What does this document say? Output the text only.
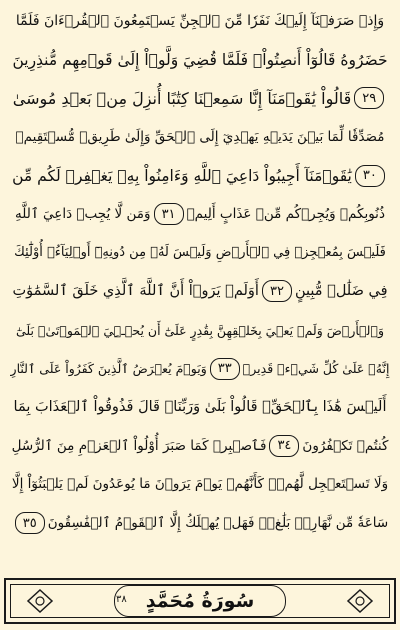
وَإِذۡ صَرَفۡنَآ إِلَيۡكَ نَفَرٗا مِّنَ ٱلۡجِنِّ يَسۡتَمِعُونَ ٱلۡقُرۡءَانَ فَلَمَّا
حَضَرُوهُ قَالُوٓاْ أَنصِتُواْۖ فَلَمَّا قُضِيَ وَلَّوۡاْ إِلَىٰ قَوۡمِهِم مُّنذِرِينَ
٢٩
قَالُواْ يَٰقَوۡمَنَآ إِنَّا سَمِعۡنَا كِتَٰبًا أُنزِلَ مِنۢ بَعۡدِ مُوسَىٰ
مُصَدِّقٗا لِّمَا بَيۡنَ يَدَيۡهِ يَهۡدِيٓ إِلَى ٱلۡحَقِّ وَإِلَىٰ طَرِيقٖ مُّسۡتَقِيمٖ
٣٠
يَٰقَوۡمَنَآ أَجِيبُواْ دَاعِيَ ٱللَّهِ وَءَامِنُواْ بِهِۦ يَغۡفِرۡ لَكُم مِّن
ذُنُوبِكُمۡ وَيُجِرۡكُم مِّنۡ عَذَابٍ أَلِيمٖ
٣١
وَمَن لَّا يُجِبۡ دَاعِيَ ٱللَّهِ
فَلَيۡسَ بِمُعۡجِزٖ فِي ٱلۡأَرۡضِ وَلَيۡسَ لَهُۥ مِن دُونِهِۦٓ أَوۡلِيَآءُۚ أُوْلَٰٓئِكَ
فِي ضَلَٰلٖ مُّبِينٍ
٣٢
أَوَلَمۡ يَرَوۡاْ أَنَّ ٱللَّهَ ٱلَّذِي خَلَقَ ٱلسَّمَٰوَٰتِ
وَٱلۡأَرۡضَ وَلَمۡ يَعۡيَ بِخَلۡقِهِنَّ بِقَٰدِرٍ عَلَىٰٓ أَن يُحۡـِۧيَ ٱلۡمَوۡتَىٰۚ بَلَىٰٓ
إِنَّهُۥ عَلَىٰ كُلِّ شَيۡءٖ قَدِيرٞ
٣٣
وَيَوۡمَ يُعۡرَضُ ٱلَّذِينَ كَفَرُواْ عَلَى ٱلنَّارِ
أَلَيۡسَ هَٰذَا بِٱلۡحَقِّۖ قَالُواْ بَلَىٰ وَرَبِّنَاۚ قَالَ فَذُوقُواْ ٱلۡعَذَابَ بِمَا
كُنتُمۡ تَكۡفُرُونَ
٣٤
فَٱصۡبِرۡ كَمَا صَبَرَ أُوْلُواْ ٱلۡعَزۡمِ مِنَ ٱلرُّسُلِ
وَلَا تَسۡتَعۡجِل لَّهُمۡۚ كَأَنَّهُمۡ يَوۡمَ يَرَوۡنَ مَا يُوعَدُونَ لَمۡ يَلۡبَثُوٓاْ إِلَّا
سَاعَةٗ مِّن نَّهَارِۭۚ بَلَٰغٞۚ فَهَلۡ يُهۡلَكُ إِلَّا ٱلۡقَوۡمُ ٱلۡفَٰسِقُونَ
٣٥
سُورَةُ مُحَمَّدٍ
٣٨
